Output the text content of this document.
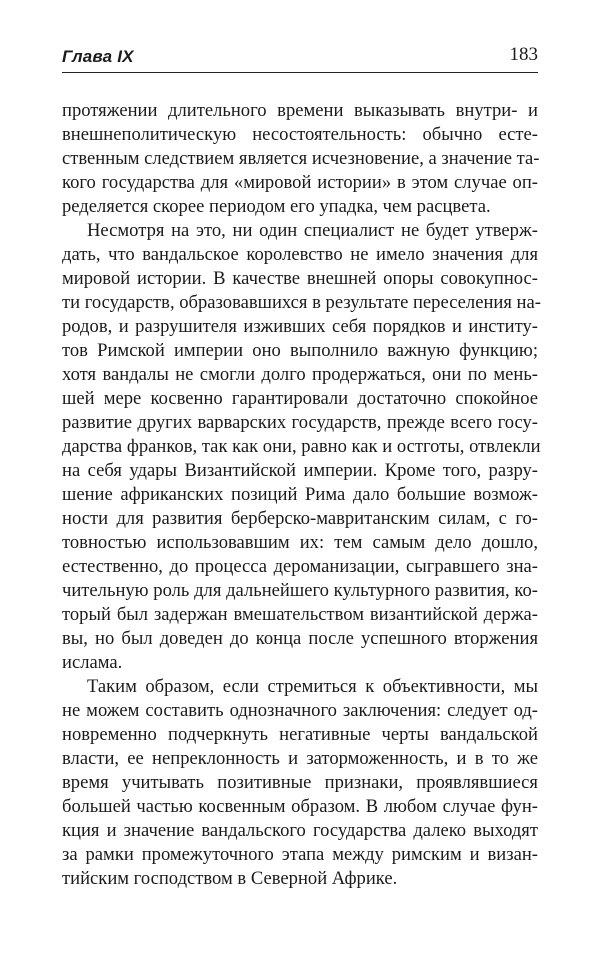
Глава IX	183
протяжении длительного времени выказывать внутри- и
внешнеполитическую несостоятельность: обычно есте-
ственным следствием является исчезновение, а значение та-
кого государства для «мировой истории» в этом случае оп-
ределяется скорее периодом его упадка, чем расцвета.
Несмотря на это, ни один специалист не будет утверж-
дать, что вандальское королевство не имело значения для
мировой истории. В качестве внешней опоры совокупнос-
ти государств, образовавшихся в результате переселения на-
родов, и разрушителя изживших себя порядков и институ-
тов Римской империи оно выполнило важную функцию;
хотя вандалы не смогли долго продержаться, они по мень-
шей мере косвенно гарантировали достаточно спокойное
развитие других варварских государств, прежде всего госу-
дарства франков, так как они, равно как и остготы, отвлекли
на себя удары Византийской империи. Кроме того, разру-
шение африканских позиций Рима дало большие возмож-
ности для развития берберско-мавританским силам, с го-
товностью использовавшим их: тем самым дело дошло,
естественно, до процесса дероманизации, сыгравшего зна-
чительную роль для дальнейшего культурного развития, ко-
торый был задержан вмешательством византийской держа-
вы, но был доведен до конца после успешного вторжения
ислама.
Таким образом, если стремиться к объективности, мы
не можем составить однозначного заключения: следует од-
новременно подчеркнуть негативные черты вандальской
власти, ее непреклонность и заторможенность, и в то же
время учитывать позитивные признаки, проявлявшиеся
большей частью косвенным образом. В любом случае фун-
кция и значение вандальского государства далеко выходят
за рамки промежуточного этапа между римским и визан-
тийским господством в Северной Африке.
